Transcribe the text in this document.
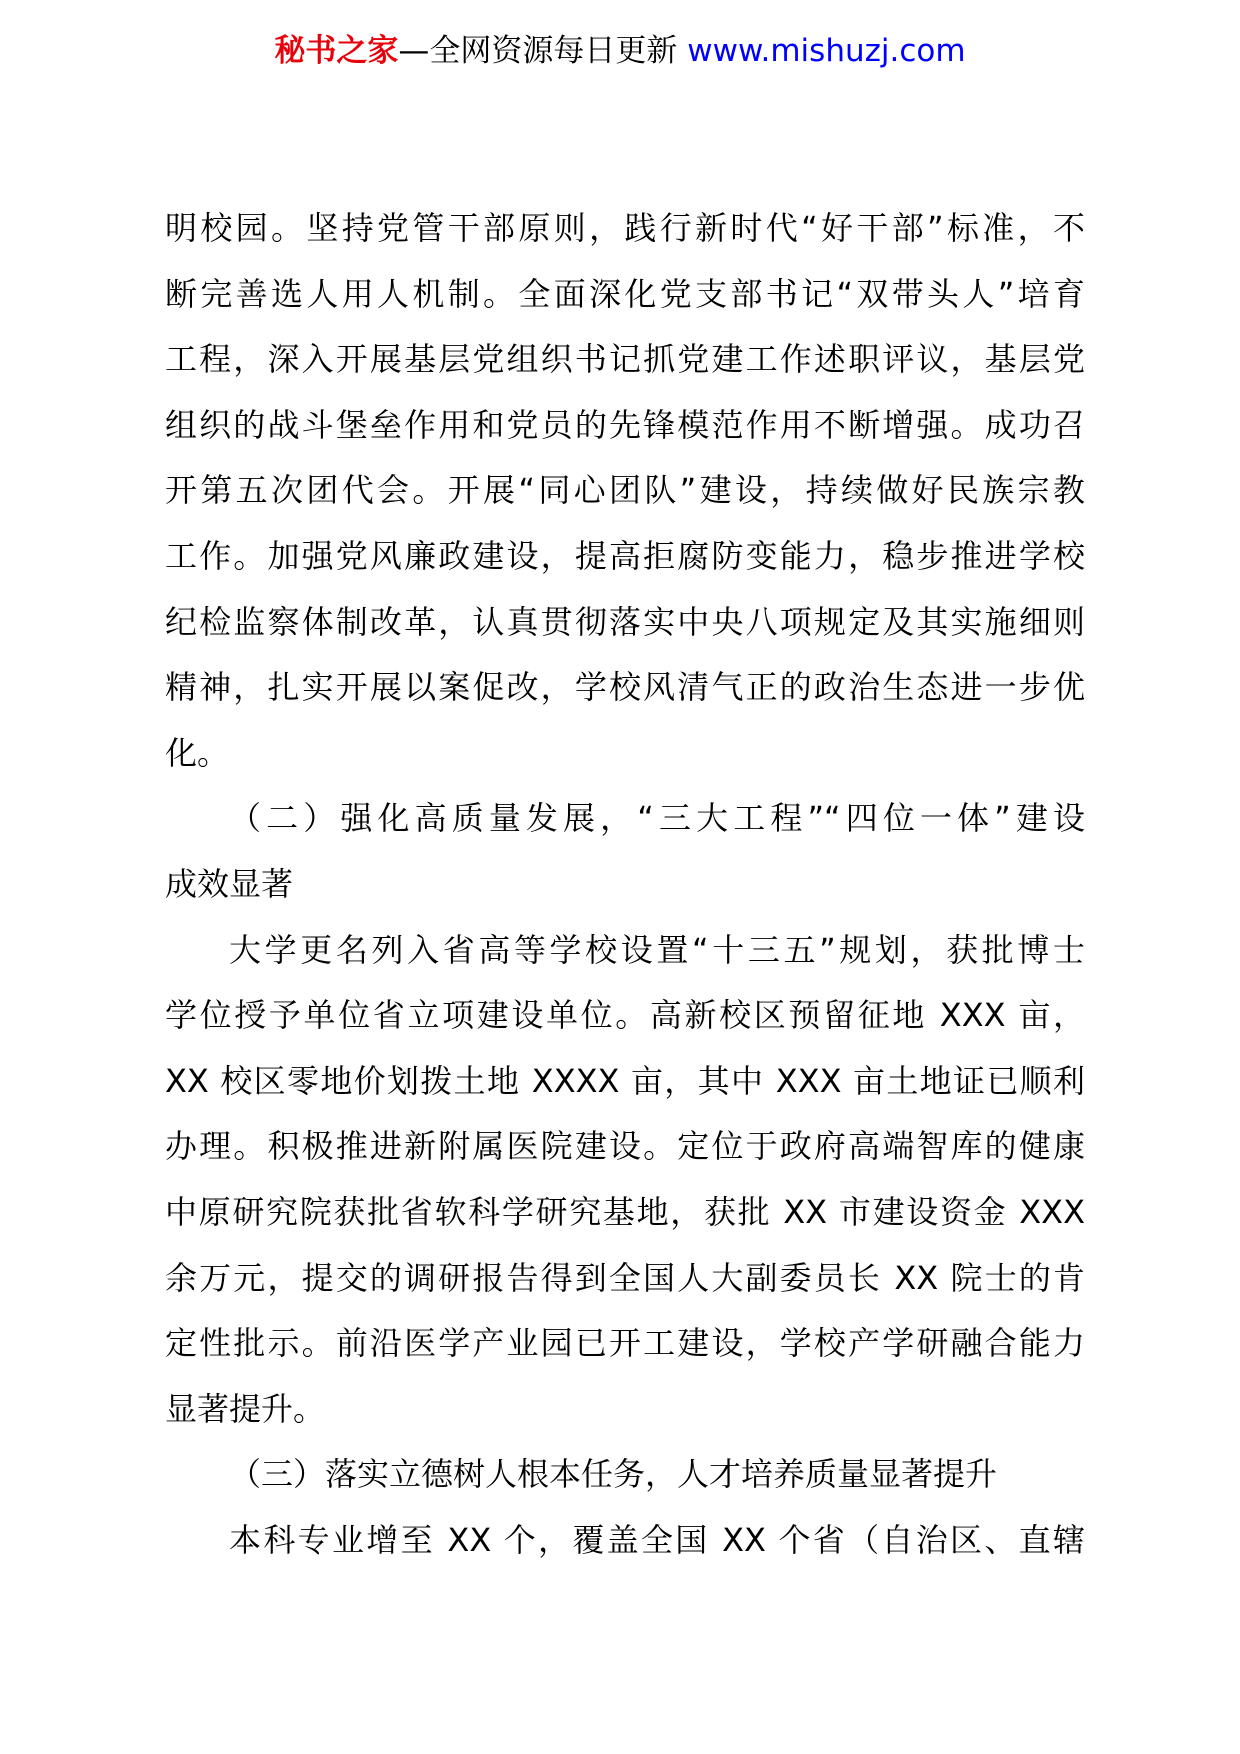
秘书之家—全网资源每日更新 www.mishuzj.com
明校园。坚持党管干部原则，践行新时代“好干部”标准，不
断完善选人用人机制。全面深化党支部书记“双带头人”培育
工程，深入开展基层党组织书记抓党建工作述职评议，基层党
组织的战斗堡垒作用和党员的先锋模范作用不断增强。成功召
开第五次团代会。开展“同心团队”建设，持续做好民族宗教
工作。加强党风廉政建设，提高拒腐防变能力，稳步推进学校
纪检监察体制改革，认真贯彻落实中央八项规定及其实施细则
精神，扎实开展以案促改，学校风清气正的政治生态进一步优
化。
（二）强化高质量发展，“三大工程”“四位一体”建设
成效显著
大学更名列入省高等学校设置“十三五”规划，获批博士
学位授予单位省立项建设单位。高新校区预留征地 XXX 亩，
XX 校区零地价划拨土地 XXXX 亩，其中 XXX 亩土地证已顺利
办理。积极推进新附属医院建设。定位于政府高端智库的健康
中原研究院获批省软科学研究基地，获批 XX 市建设资金 XXX
余万元，提交的调研报告得到全国人大副委员长 XX 院士的肯
定性批示。前沿医学产业园已开工建设，学校产学研融合能力
显著提升。
（三）落实立德树人根本任务，人才培养质量显著提升
本科专业增至 XX 个，覆盖全国 XX 个省（自治区、直辖
